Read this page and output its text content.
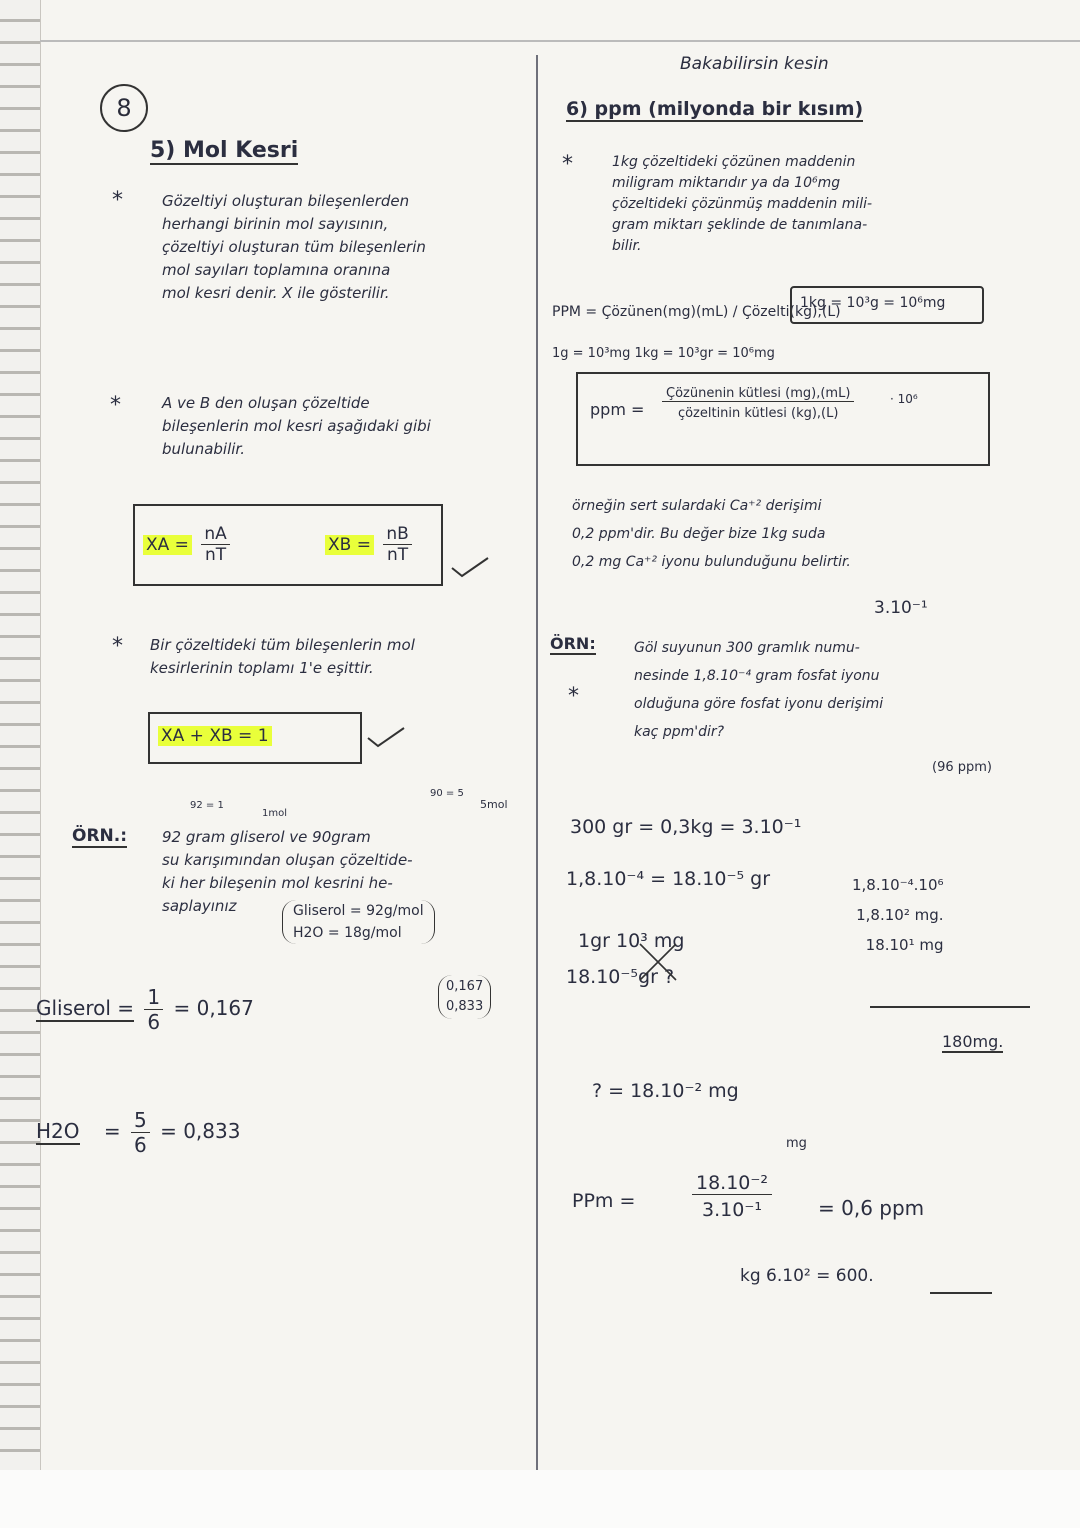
8
5) Mol Kesri
*	Gözeltiyi oluşturan bileşenlerden
herhangi birinin mol sayısının,
çözeltiyi oluşturan tüm bileşenlerin
mol sayıları toplamına oranına
mol kesri denir. X ile gösterilir.
*	A ve B den oluşan çözeltide
bileşenlerin mol kesri aşağıdaki gibi
bulunabilir.
XA = $\frac{nA}{nT}$	XB = $\frac{nB}{nT}$
* Bir çözeltideki tüm bileşenlerin mol
kesirlerinin toplamı 1'e eşittir.
XA + XB = 1
92 = 1
1mol
90 = 5
5mol
ÖRN.: 92 gram gliserol ve 90gram
su karışımından oluşan çözeltide-
ki her bileşenin mol kesrini he-
saplayınız	Gliserol = 92g/mol
H2O = 18g/mol
Gliserol = $\frac{1}{6} = 0,167$
0,167
0,833
$H2O = \frac{5}{6} = 0,833$
Bakabilirsin kesin
6) ppm (milyonda bir kısım)
*	1kg çözeltideki çözünen maddenin
miligram miktarıdır ya da 10⁶mg
çözeltideki çözünmüş maddenin mili-
gram miktarı şeklinde de tanımlana-
bilir.
PPM = Çözünen(mg)(mL) / Çözelti(kg),(L)
1kg = 10³g = 10⁶mg
1g = 10³mg 1kg = 10³gr = 10⁶mg
ppm =
Çözünenin kütlesi (mg),(mL)
çözeltinin kütlesi (kg),(L)
· 10⁶
örneğin sert sulardaki Ca⁺² derişimi
0,2 ppm'dir. Bu değer bize 1kg suda
0,2 mg Ca⁺² iyonu bulunduğunu belirtir.
3.10⁻¹
ÖRN:
*
Göl suyunun 300 gramlık numu-
nesinde 1,8.10⁻⁴ gram fosfat iyonu
olduğuna göre fosfat iyonu derişimi
kaç ppm'dir?
(96 ppm)
300 gr = 0,3kg = 3.10⁻¹
1,8.10⁻⁴ = 18.10⁻⁵ gr
1gr 10³ mg
18.10⁻⁵gr ?
? = 18.10⁻² mg
mg
1,8.10⁻⁴.10⁶
1,8.10² mg.
18.10¹ mg
180mg.
PPm =
18.10⁻²
3.10⁻¹	= 0,6 ppm
kg 6.10² = 600.
